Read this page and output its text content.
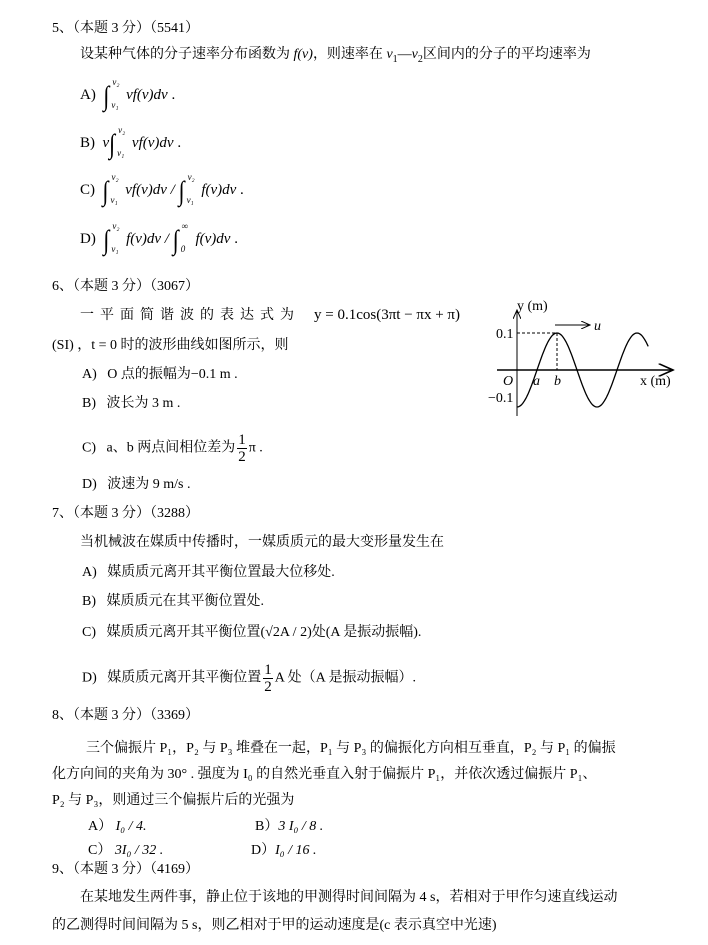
5、（本题 3 分）（5541）
设某种气体的分子速率分布函数为 f(v)，则速率在 $v_1—v_2$区间内的分子的平均速率为
A) ∫ v₂
v₁
vf(v)dv .
B) v∫ v₂
v₁
vf(v)dv .
C) ∫ v₂
v₁
vf(v)dv / ∫ v₂
v₁
f(v)dv .
D) ∫ v₂
v₁
f(v)dv / ∫ ∞
0
f(v)dv .
6、（本题 3 分）（3067）
一平面简谐波的表达式为 y = 0.1cos(3πt − πx + π)
(SI) ，t = 0 时的波形曲线如图所示，则
A) O 点的振幅为−0.1 m .
B) 波长为 3 m .
C) a、b 两点间相位差为 $\frac{1}{2}$ π .
D) 波速为 9 m/s .
y (m)
u
0.1
−0.1
O a b	x (m)
7、（本题 3 分）（3288）
当机械波在媒质中传播时，一媒质质元的最大变形量发生在
A) 媒质质元离开其平衡位置最大位移处.
B) 媒质质元在其平衡位置处.
C) 媒质质元离开其平衡位置(√2A / 2)处(A 是振动振幅).
D) 媒质质元离开其平衡位置 $\frac{1}{2}$ A 处（A 是振动振幅）.
8、（本题 3 分）（3369）
三个偏振片 P₁，P₂ 与 P₃ 堆叠在一起，P₁ 与 P₃ 的偏振化方向相互垂直，P₂ 与 P₁ 的偏振
化方向间的夹角为 30° . 强度为 I₀ 的自然光垂直入射于偏振片 P₁，并依次透过偏振片 P₁、
P₂ 与 P₃，则通过三个偏振片后的光强为
A） I₀ / 4.	B）3 I₀ / 8 .
C） 3I₀ / 32 .	D）I₀ / 16 .
9、（本题 3 分）（4169）
在某地发生两件事，静止位于该地的甲测得时间间隔为 4 s，若相对于甲作匀速直线运动
的乙测得时间间隔为 5 s，则乙相对于甲的运动速度是(c 表示真空中光速)
